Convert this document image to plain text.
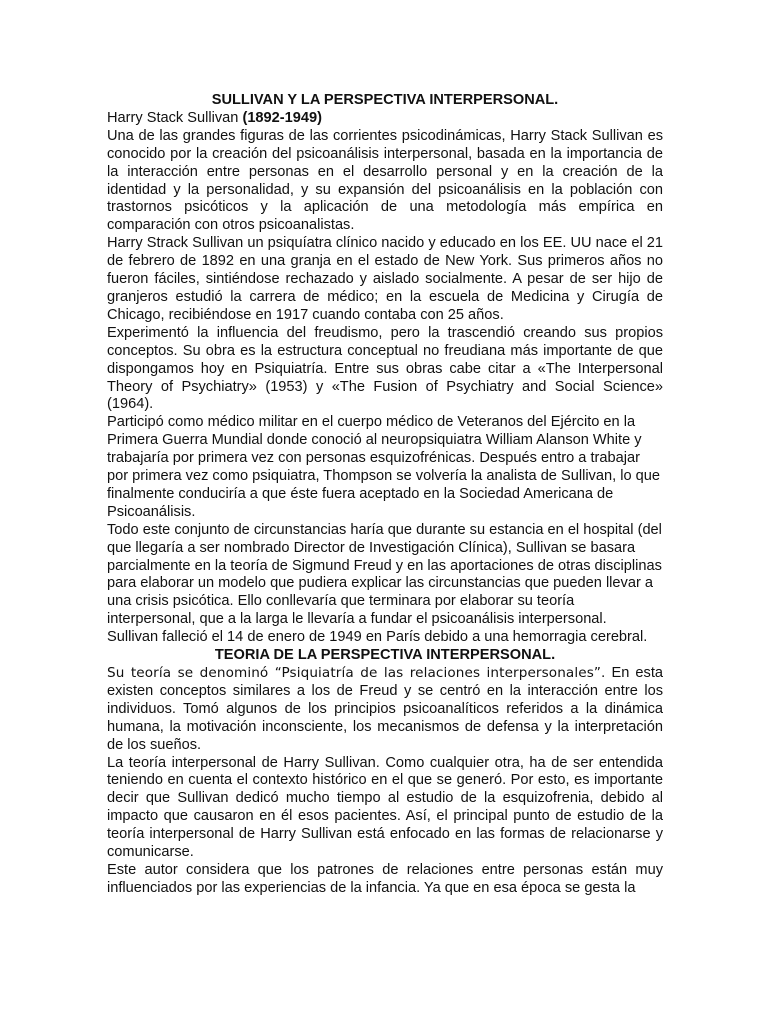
SULLIVAN Y LA PERSPECTIVA INTERPERSONAL.

Harry Stack Sullivan (1892-1949)

Una de las grandes figuras de las corrientes psicodinámicas, Harry Stack Sullivan es conocido por la creación del psicoanálisis interpersonal, basada en la importancia de la interacción entre personas en el desarrollo personal y en la creación de la identidad y la personalidad, y su expansión del psicoanálisis en la población con trastornos psicóticos y la aplicación de una metodología más empírica en comparación con otros psicoanalistas.

Harry Strack Sullivan un psiquíatra clínico nacido y educado en los EE. UU nace el 21 de febrero de 1892 en una granja en el estado de New York. Sus primeros años no fueron fáciles, sintiéndose rechazado y aislado socialmente. A pesar de ser hijo de granjeros estudió la carrera de médico; en la escuela de Medicina y Cirugía de Chicago, recibiéndose en 1917 cuando contaba con 25 años.

Experimentó la influencia del freudismo, pero la trascendió creando sus propios conceptos. Su obra es la estructura conceptual no freudiana más importante de que dispongamos hoy en Psiquiatría. Entre sus obras cabe citar a «The Interpersonal Theory of Psychiatry» (1953) y «The Fusion of Psychiatry and Social Science» (1964).

Participó como médico militar en el cuerpo médico de Veteranos del Ejército en la Primera Guerra Mundial donde conoció al neuropsiquiatra William Alanson White y trabajaría por primera vez con personas esquizofrénicas. Después entro a trabajar por primera vez como psiquiatra, Thompson se volvería la analista de Sullivan, lo que finalmente conduciría a que éste fuera aceptado en la Sociedad Americana de Psicoanálisis.

Todo este conjunto de circunstancias haría que durante su estancia en el hospital (del que llegaría a ser nombrado Director de Investigación Clínica), Sullivan se basara parcialmente en la teoría de Sigmund Freud y en las aportaciones de otras disciplinas para elaborar un modelo que pudiera explicar las circunstancias que pueden llevar a una crisis psicótica. Ello conllevaría que terminara por elaborar su teoría interpersonal, que a la larga le llevaría a fundar el psicoanálisis interpersonal.

Sullivan falleció el 14 de enero de 1949 en París debido a una hemorragia cerebral.

TEORIA DE LA PERSPECTIVA INTERPERSONAL.

Su teoría se denominó “Psiquiatría de las relaciones interpersonales”. En esta existen conceptos similares a los de Freud y se centró en la interacción entre los individuos. Tomó algunos de los principios psicoanalíticos referidos a la dinámica humana, la motivación inconsciente, los mecanismos de defensa y la interpretación de los sueños.

La teoría interpersonal de Harry Sullivan. Como cualquier otra, ha de ser entendida teniendo en cuenta el contexto histórico en el que se generó. Por esto, es importante decir que Sullivan dedicó mucho tiempo al estudio de la esquizofrenia, debido al impacto que causaron en él esos pacientes. Así, el principal punto de estudio de la teoría interpersonal de Harry Sullivan está enfocado en las formas de relacionarse y comunicarse.

Este autor considera que los patrones de relaciones entre personas están muy influenciados por las experiencias de la infancia. Ya que en esa época se gesta la
